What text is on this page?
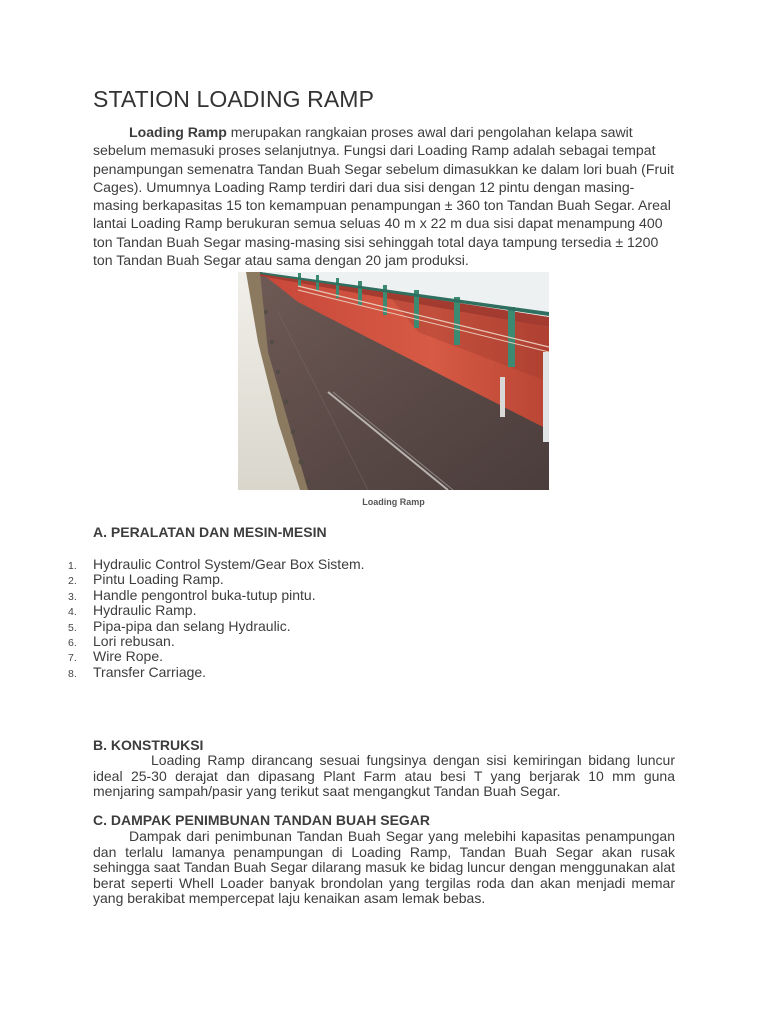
STATION LOADING RAMP

Loading Ramp merupakan rangkaian proses awal dari pengolahan kelapa sawit sebelum memasuki proses selanjutnya. Fungsi dari Loading Ramp adalah sebagai tempat penampungan semenatra Tandan Buah Segar sebelum dimasukkan ke dalam lori buah (Fruit Cages). Umumnya Loading Ramp terdiri dari dua sisi dengan 12 pintu dengan masing-masing berkapasitas 15 ton kemampuan penampungan ± 360 ton Tandan Buah Segar. Areal lantai Loading Ramp berukuran semua seluas 40 m x 22 m dua sisi dapat menampung 400 ton Tandan Buah Segar masing-masing sisi sehinggah total daya tampung tersedia ± 1200 ton Tandan Buah Segar atau sama dengan 20 jam produksi.

Loading Ramp
A. PERALATAN DAN MESIN-MESIN
1. Hydraulic Control System/Gear Box Sistem.
2. Pintu Loading Ramp.
3. Handle pengontrol buka-tutup pintu.
4. Hydraulic Ramp.
5. Pipa-pipa dan selang Hydraulic.
6. Lori rebusan.
7. Wire Rope.
8. Transfer Carriage.
B. KONSTRUKSI

Loading Ramp dirancang sesuai fungsinya dengan sisi kemiringan bidang luncur ideal 25-30 derajat dan dipasang Plant Farm atau besi T yang berjarak 10 mm guna menjaring sampah/pasir yang terikut saat mengangkut Tandan Buah Segar.

C. DAMPAK PENIMBUNAN TANDAN BUAH SEGAR

Dampak dari penimbunan Tandan Buah Segar yang melebihi kapasitas penampungan dan terlalu lamanya penampungan di Loading Ramp, Tandan Buah Segar akan rusak sehingga saat Tandan Buah Segar dilarang masuk ke bidag luncur dengan menggunakan alat berat seperti Whell Loader banyak brondolan yang tergilas roda dan akan menjadi memar yang berakibat mempercepat laju kenaikan asam lemak bebas.
